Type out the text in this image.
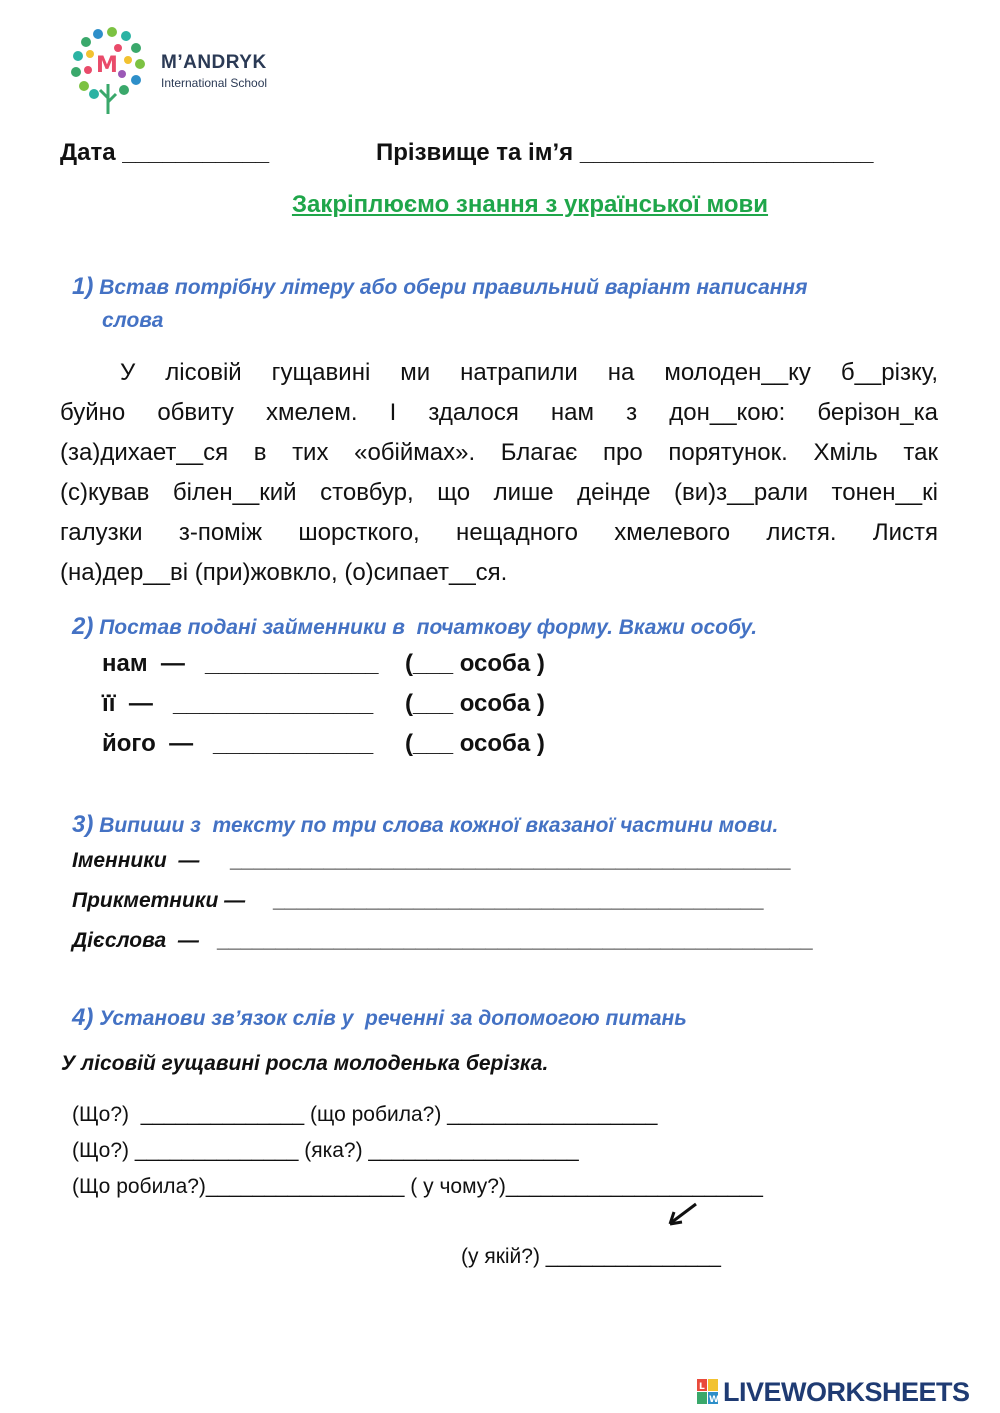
M M’ANDRYK
International School
Дата ___________	Прізвище та ім’я ______________________
Закріплюємо знання з української мови
1) Встав потрібну літеру або обери правильний варіант написання
слова
У лісовій гущавині ми натрапили на молоден__ку б__різку,
буйно обвиту хмелем. І здалося нам з дон__кою: берізон_ка
(за)дихает__ся в тих «обіймах». Благає про порятунок. Хміль так
(с)кував білен__кий стовбур, що лише деінде (ви)з__рали тонен__кі
галузки з-поміж шорсткого, нещадного хмелевого листя. Листя
(на)дер__ві (при)жовкло, (о)сипает__ся.
2) Постав подані займенники в  початкову форму. Вкажи особу.
нам  — _____________ (___ особа )
її  — _______________ (___ особа )
його  — ____________ (___ особа )
3) Випиши з  тексту по три слова кожної вказаної частини мови.
Іменники  — ________________________________________________
Прикметники — __________________________________________
Дієслова  — ___________________________________________________
4) Установи зв’язок слів у  реченні за допомогою питань
У лісовій гущавині росла молоденька берізка.
(Що?)  ______________ (що робила?) __________________
(Що?) ______________ (яка?) __________________
(Що робила?)_________________ ( у чому?)______________________
(у якій?) _______________
L
W LIVEWORKSHEETS
